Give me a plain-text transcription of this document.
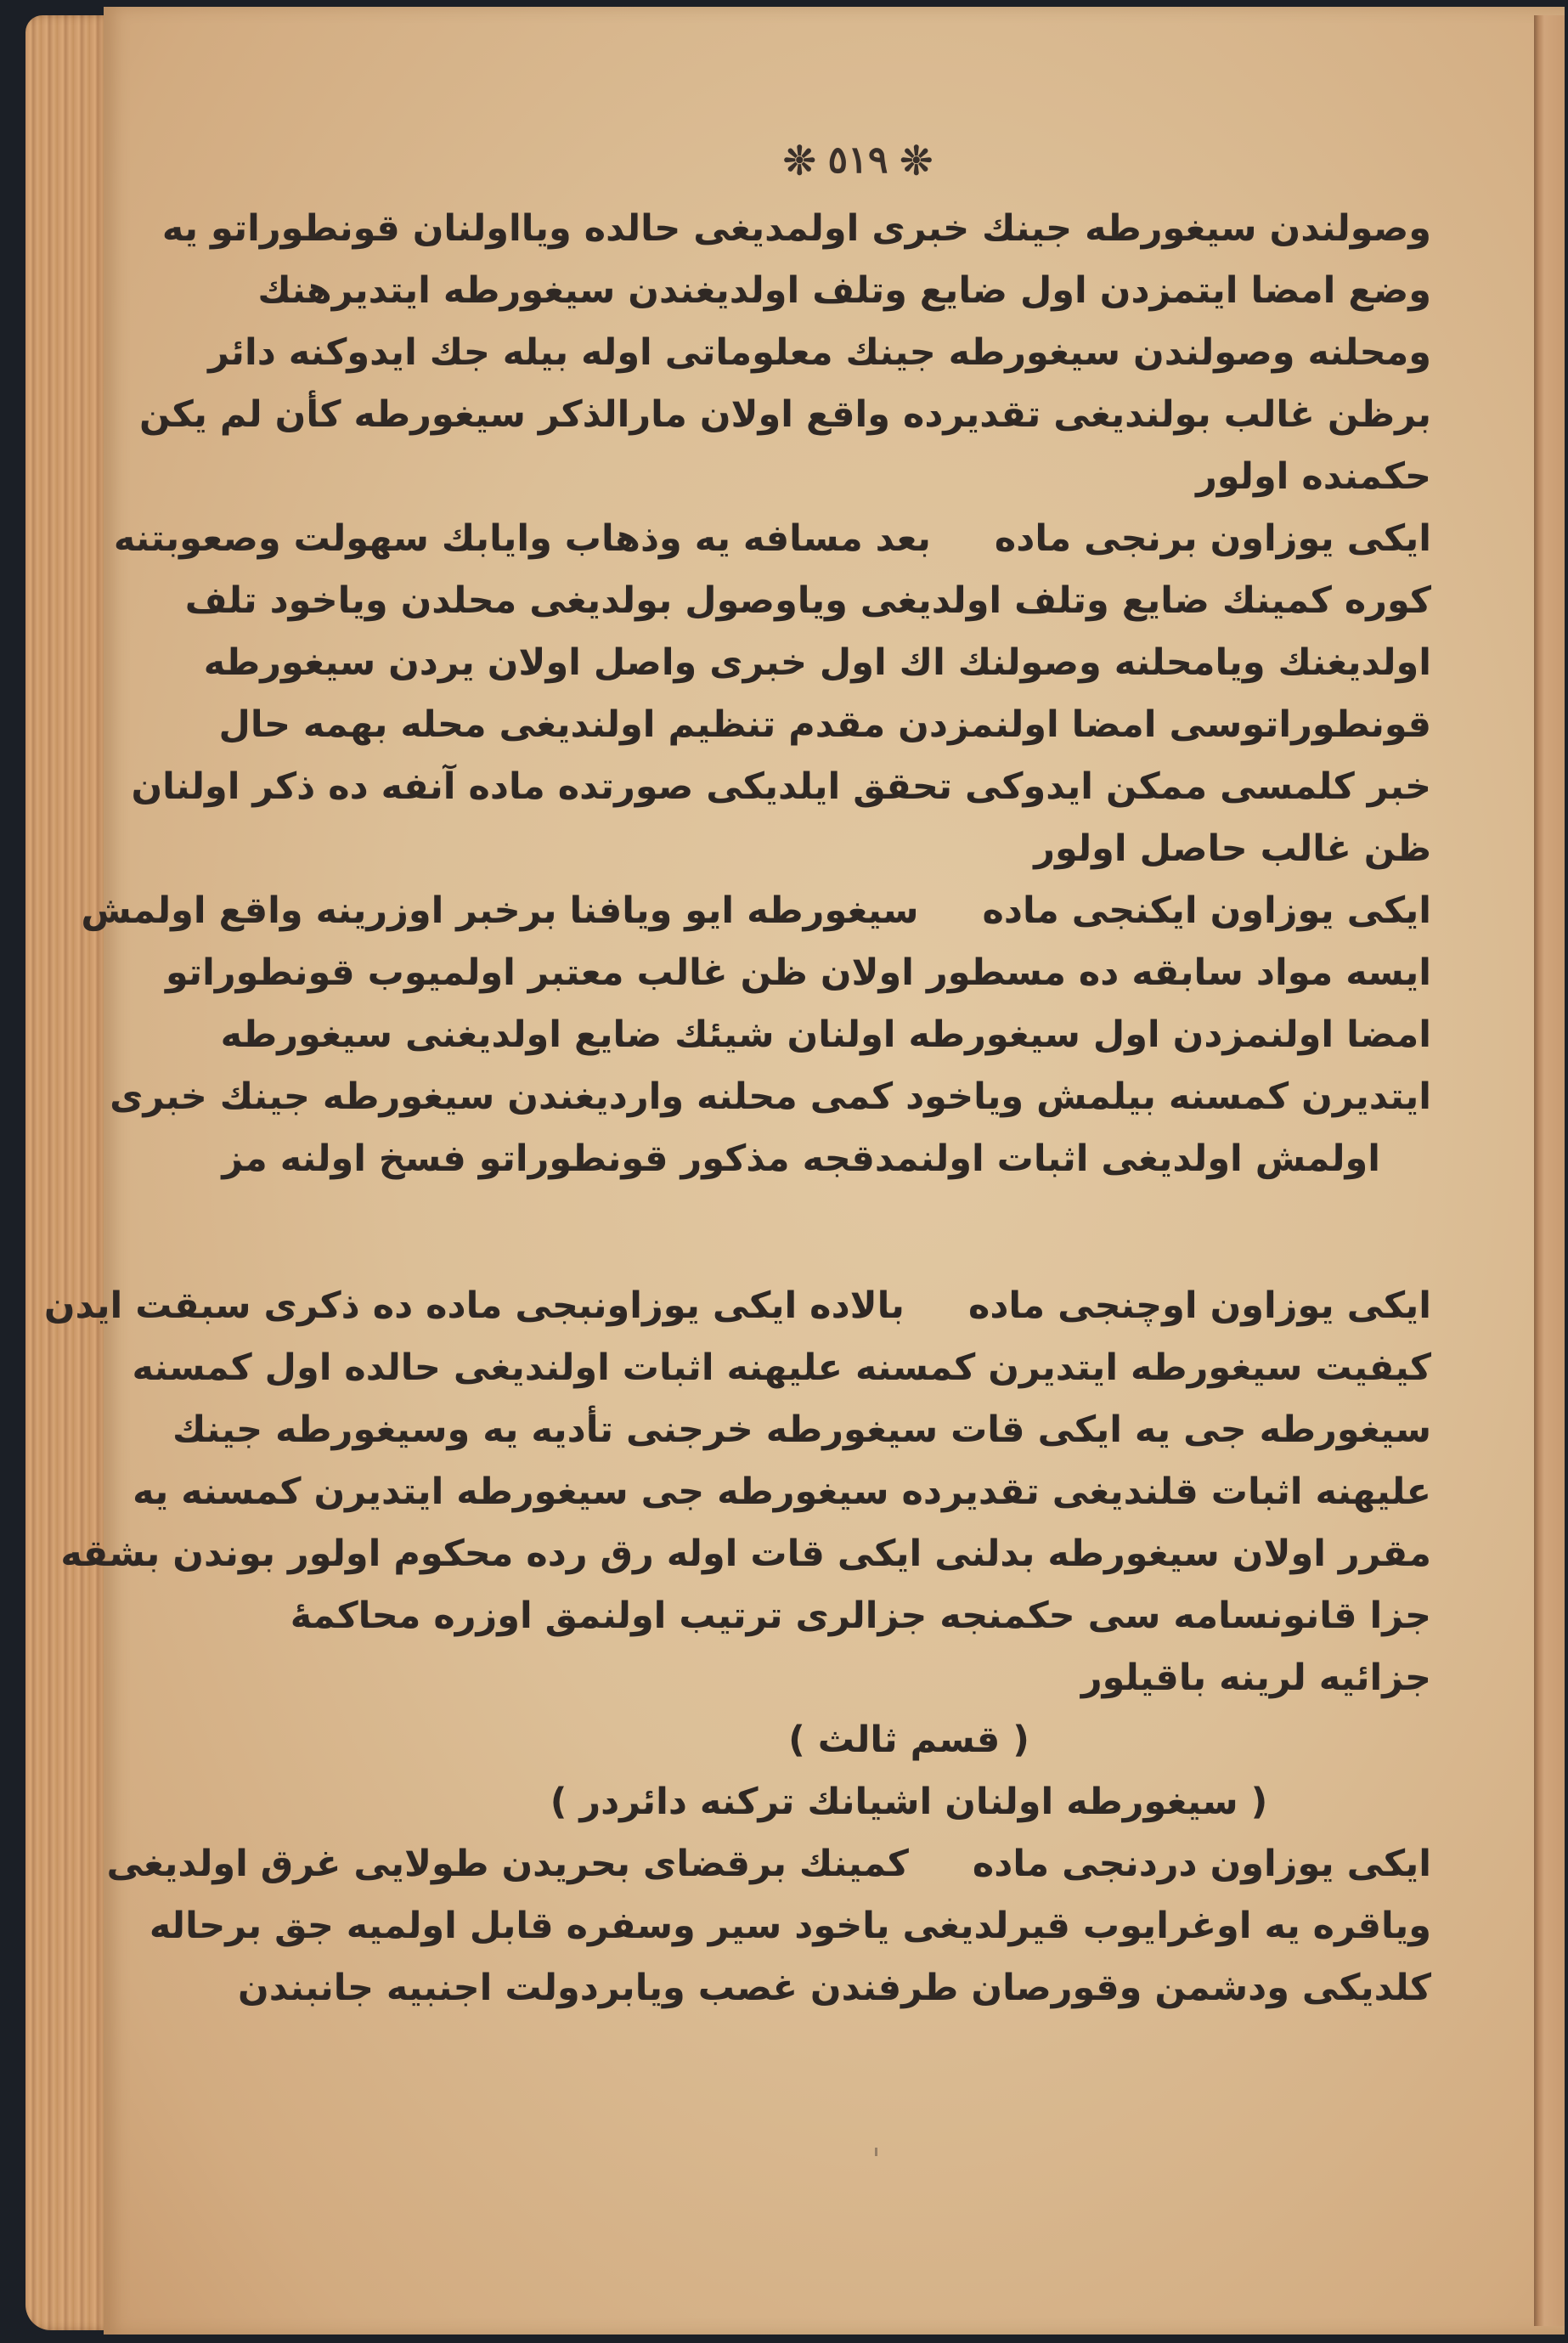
❊
٥١٩
❊
وصولندن سیغورطه جینك خبری اولمدیغی حالده ویااولنان قونطوراتو یه
وضع امضا ایتمزدن اول ضایع وتلف اولدیغندن سیغورطه ایتدیرهنك
ومحلنه وصولندن سیغورطه جینك معلوماتی اوله بیله جك ایدوكنه دائر
برظن غالب بولندیغی تقدیرده واقع اولان مارالذكر سیغورطه كأن لم یكن
حكمنده اولور
ایکی یوزاون برنجی ماده بعد مسافه یه وذهاب وایابك سهولت وصعوبتنه
كوره كمینك ضایع وتلف اولدیغی ویاوصول بولدیغی محلدن ویاخود تلف
اولدیغنك ویامحلنه وصولنك اك اول خبری واصل اولان یردن سیغورطه
قونطوراتوسی امضا اولنمزدن مقدم تنظیم اولندیغی محله بهمه حال
خبر كلمسی ممكن ایدوكی تحقق ایلدیكی صورتده ماده آنفه ده ذكر اولنان
ظن غالب حاصل اولور
ایکی یوزاون ایکنجی ماده سیغورطه ایو ویافنا برخبر اوزرینه واقع اولمش
ایسه مواد سابقه ده مسطور اولان ظن غالب معتبر اولمیوب قونطوراتو
امضا اولنمزدن اول سیغورطه اولنان شیئك ضایع اولدیغنی سیغورطه
ایتدیرن كمسنه بیلمش ویاخود كمی محلنه واردیغندن سیغورطه جینك خبری
اولمش اولدیغی اثبات اولنمدقجه مذكور قونطوراتو فسخ اولنه مز
ایکی یوزاون اوچنجی ماده بالاده ایکی یوزاونبجی ماده ده ذكری سبقت ایدن
كیفیت سیغورطه ایتدیرن كمسنه علیهنه اثبات اولندیغی حالده اول كمسنه
سیغورطه جی یه ایكی قات سیغورطه خرجنی تأدیه یه وسیغورطه جینك
علیهنه اثبات قلندیغی تقدیرده سیغورطه جی سیغورطه ایتدیرن كمسنه یه
مقرر اولان سیغورطه بدلنی ایكی قات اوله رق رده محكوم اولور بوندن بشقه
جزا قانونسامه سی حكمنجه جزالری ترتیب اولنمق اوزره محاكمهٔ
جزائیه لرینه باقیلور
( قسم ثالث )
( سیغورطه اولنان اشیانك تركنه دائردر )
ایکی یوزاون دردنجی ماده كمینك برقضای بحریدن طولایی غرق اولدیغی
ویاقره یه اوغرایوب قیرلدیغی یاخود سیر وسفره قابل اولمیه جق برحاله
كلدیكی ودشمن وقورصان طرفندن غصب ویابردولت اجنبیه جانبندن
